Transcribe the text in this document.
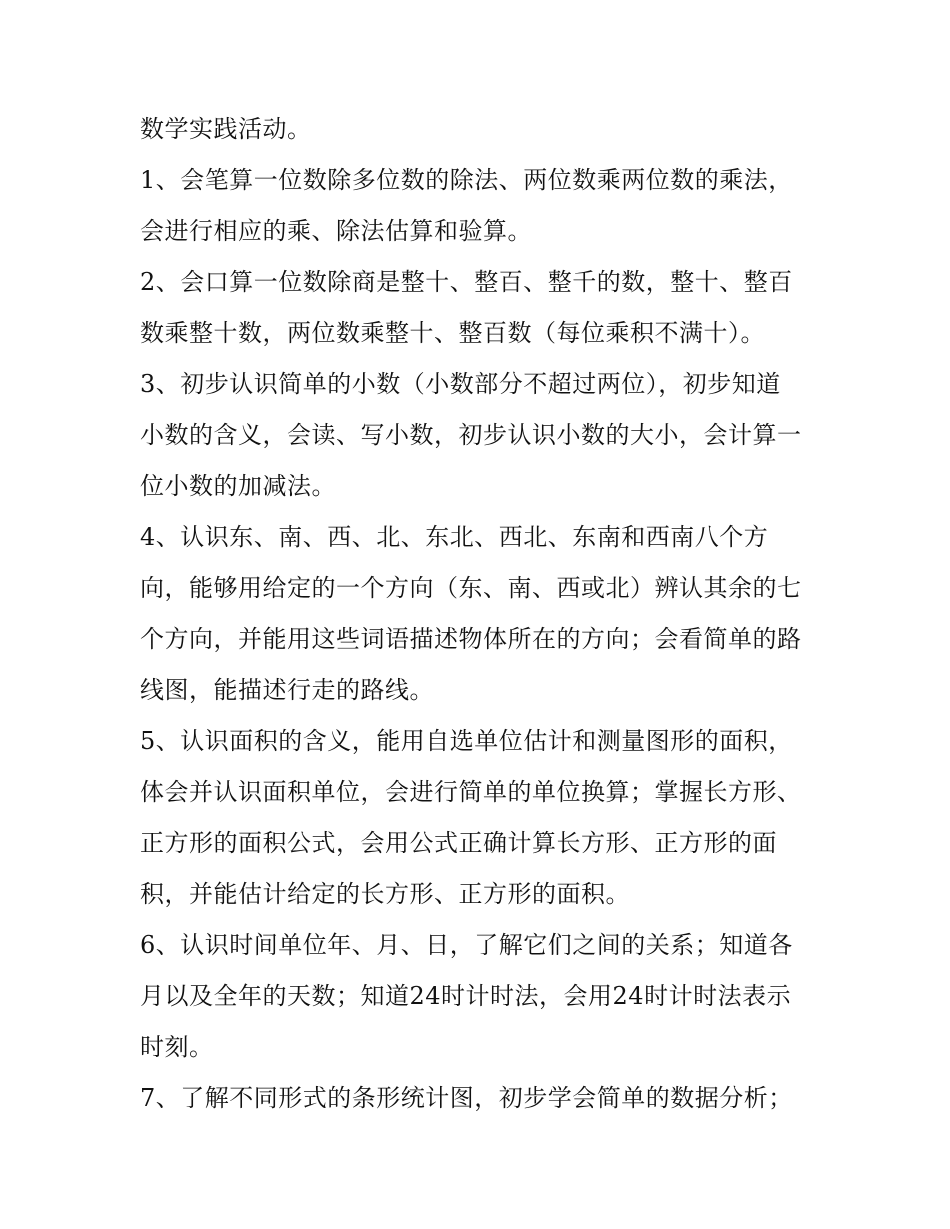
数学实践活动。
1、会笔算一位数除多位数的除法、两位数乘两位数的乘法，
会进行相应的乘、除法估算和验算。
2、会口算一位数除商是整十、整百、整千的数，整十、整百
数乘整十数，两位数乘整十、整百数（每位乘积不满十）。
3、初步认识简单的小数（小数部分不超过两位），初步知道
小数的含义，会读、写小数，初步认识小数的大小，会计算一
位小数的加减法。
4、认识东、南、西、北、东北、西北、东南和西南八个方
向，能够用给定的一个方向（东、南、西或北）辨认其余的七
个方向，并能用这些词语描述物体所在的方向；会看简单的路
线图，能描述行走的路线。
5、认识面积的含义，能用自选单位估计和测量图形的面积，
体会并认识面积单位，会进行简单的单位换算；掌握长方形、
正方形的面积公式，会用公式正确计算长方形、正方形的面
积，并能估计给定的长方形、正方形的面积。
6、认识时间单位年、月、日，了解它们之间的关系；知道各
月以及全年的天数；知道24时计时法，会用24时计时法表示
时刻。
7、了解不同形式的条形统计图，初步学会简单的数据分析；
